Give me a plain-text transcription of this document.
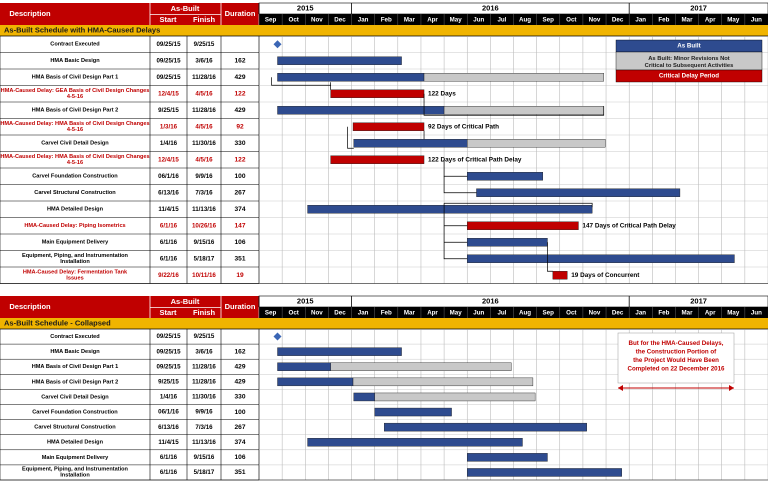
Description
As-Built
Start Finish
Duration
2015	2016	2017
Sep Oct Nov Dec Jan Feb Mar Apr May Jun Jul Aug Sep Oct Nov Dec Jan Feb Mar Apr May Jun
As-Built Schedule with HMA-Caused Delays
Contract Executed	09/25/15 9/25/15
HMA Basic Design	09/25/15 3/6/16	162
HMA Basis of Civil Design Part 1	09/25/15 11/28/16	429
HMA-Caused Delay: GEA Basis of Civil Design Changes 4-5-16
12/4/15	4/5/16	122	122 Days
HMA Basis of Civil Design Part 2	9/25/15 11/28/16	429
HMA-Caused Delay: HMA Basis of Civil Design Changes 4-5-16
1/3/16	4/5/16	92	92 Days of Critical Path
Carvel Civil Detail Design	1/4/16 11/30/16	330
HMA-Caused Delay: HMA Basis of Civil Design Changes 4-5-16
12/4/15	4/5/16	122	122 Days of Critical Path Delay
Carvel Foundation Construction	06/1/16	9/9/16	100
Carvel Structural Construction	6/13/16	7/3/16	267
HMA Detailed Design	11/4/15 11/13/16	374
HMA-Caused Delay: Piping Isometrics	6/1/16 10/26/16	147	147 Days of Critical Path Delay
Main Equipment Delivery	6/1/16	9/15/16	106
Equipment, Piping, and Instrumentation Installation
6/1/16	5/18/17	351
HMA-Caused Delay: Fermentation Tank Issues
9/22/16 10/11/16	19	19 Days of Concurrent
As Built
As Built: Minor Revisions Not Critical to Subsequent Activities
Critical Delay Period
Description
As-Built
Start Finish
Duration
2015	2016	2017
Sep Oct Nov Dec Jan Feb Mar Apr May Jun Jul Aug Sep Oct Nov Dec Jan Feb Mar Apr May Jun
As-Built Schedule - Collapsed
Contract Executed	09/25/15 9/25/15
HMA Basic Design	09/25/15 3/6/16	162
HMA Basis of Civil Design Part 1	09/25/15 11/28/16	429
HMA Basis of Civil Design Part 2	9/25/15 11/28/16	429
Carvel Civil Detail Design	1/4/16 11/30/16	330
Carvel Foundation Construction	06/1/16	9/9/16	100
Carvel Structural Construction	6/13/16	7/3/16	267
HMA Detailed Design	11/4/15 11/13/16	374
Main Equipment Delivery	6/1/16	9/15/16	106
Equipment, Piping, and Instrumentation Installation
6/1/16	5/18/17	351
But for the HMA-Caused Delays, the Construction Portion of the Project Would Have Been Completed on 22 December 2016
